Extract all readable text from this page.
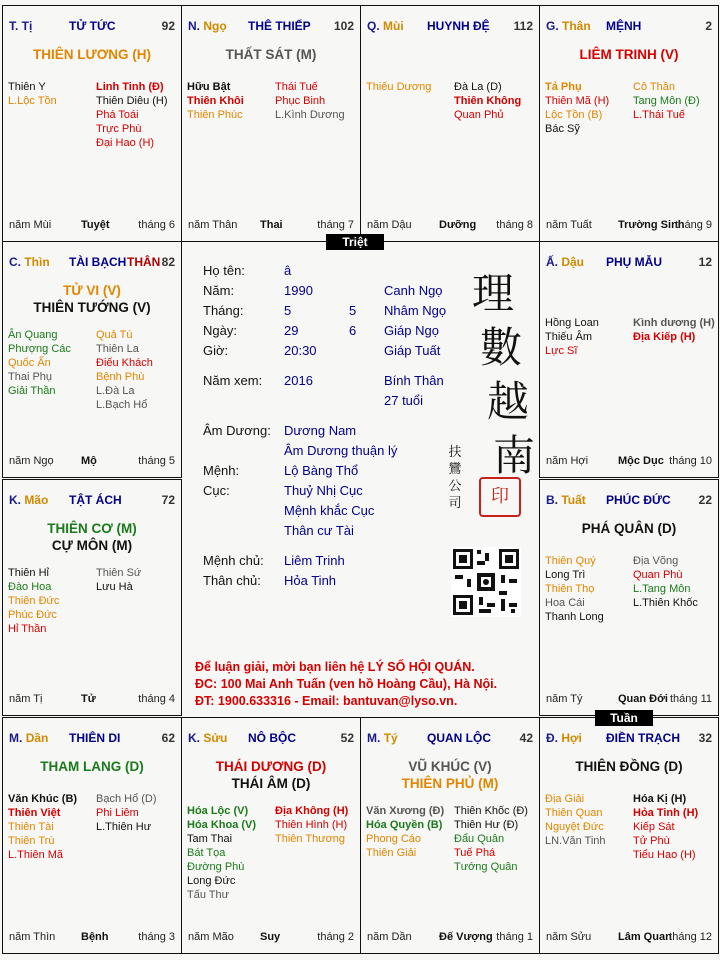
Họ tên:	â
Năm:	1990	Canh Ngọ
Tháng:	5	5 Nhâm Ngọ
Ngày:	29	6 Giáp Ngọ
Giờ:	20:30	Giáp Tuất
Năm xem: 2016	Bính Thân
27 tuổi
Âm Dương: Dương Nam
Âm Dương thuận lý
Mệnh:	Lộ Bàng Thổ
Cục:	Thuỷ Nhị Cục
Mệnh khắc Cục
Thân cư Tài
Mệnh chủ: Liêm Trinh
Thân chủ: Hỏa Tinh
理
數
越
南
扶
鸞
公
司	印
Để luận giải, mời bạn liên hệ LÝ SỐ HỘI QUÁN.
ĐC: 100 Mai Anh Tuấn (ven hồ Hoàng Cầu), Hà Nội.
ĐT: 1900.633316 - Email: bantuvan@lyso.vn.
T. Tị	TỬ TỨC	92
THIÊN LƯƠNG (H)
Thiên Y
L.Lộc Tồn
Linh Tinh (Đ)
Thiên Diêu (H)
Phá Toái
Trực Phù
Đại Hao (H)
năm Mùi	Tuyệt	tháng 6
N. Ngọ THÊ THIẾP 102
THẤT SÁT (M)
Hữu Bật
Thiên Khôi
Thiên Phúc
Thái Tuế
Phục Binh
L.Kình Dương
năm Thân Thai	tháng 7
Q. Mùi HUYNH ĐỆ 112
Thiếu Dương	Đà La (D)
Thiên Không
Quan Phủ
năm Dậu Dưỡng tháng 8
G. Thân MỆNH	2
LIÊM TRINH (V)
Tả Phụ
Thiên Mã (H)
Lộc Tồn (B)
Bác Sỹ
Cô Thần
Tang Môn (Đ)
L.Thái Tuế
năm Tuất Trường Sinh
tháng 9
C. Thìn TÀI BẠCH THÂN 82
TỬ VI (V)
THIÊN TƯỚNG (V)
Ân Quang
Phượng Các
Quốc Ấn
Thai Phụ
Giải Thần
Quả Tú
Thiên La
Điếu Khách
Bệnh Phù
L.Đà La
L.Bạch Hổ
năm Ngọ Mộ	tháng 5
Ấ. Dậu PHỤ MẪU	12
Hồng Loan
Thiếu Âm
Lực Sĩ
Kình dương (H)
Địa Kiếp (H)
năm Hợi	Mộc Dục tháng 10
K. Mão TẬT ÁCH	72
THIÊN CƠ (M)
CỰ MÔN (M)
Thiên Hỉ
Đào Hoa
Thiên Đức
Phúc Đức
Hỉ Thần
Thiên Sứ
Lưu Hà
năm Tị	Tử	tháng 4
B. Tuất PHÚC ĐỨC 22
PHÁ QUÂN (D)
Thiên Quý
Long Trì
Thiên Thọ
Hoa Cái
Thanh Long
Địa Võng
Quan Phù
L.Tang Môn
L.Thiên Khốc
năm Tý	Quan Đới tháng 11
M. Dần THIÊN DI	62
THAM LANG (D)
Văn Khúc (B)
Thiên Việt
Thiên Tài
Thiên Trù
L.Thiên Mã
Bạch Hổ (D)
Phi Liêm
L.Thiên Hư
năm Thìn Bệnh	tháng 3
K. Sửu NÔ BỘC	52
THÁI DƯƠNG (D)
THÁI ÂM (D)
Hóa Lộc (V)
Hóa Khoa (V)
Tam Thai
Bát Tọa
Đường Phù
Long Đức
Tấu Thư
Địa Không (H)
Thiên Hình (H)
Thiên Thương
năm Mão Suy	tháng 2
M. Tý QUAN LỘC 42
VŨ KHÚC (V)
THIÊN PHỦ (M)
Văn Xương (Đ)
Hóa Quyền (B)
Phong Cáo
Thiên Giải
Thiên Khốc (Đ)
Thiên Hư (Đ)
Đẩu Quân
Tuế Phá
Tướng Quân
năm Dần Đế Vượng tháng 1
Đ. Hợi ĐIỀN TRẠCH 32
THIÊN ĐỒNG (D)
Địa Giải
Thiên Quan
Nguyệt Đức
LN.Văn Tinh
Hóa Kị (H)
Hỏa Tinh (H)
Kiếp Sát
Tử Phù
Tiểu Hao (H)
năm Sửu Lâm Quan
tháng 12
Triệt
Tuần
